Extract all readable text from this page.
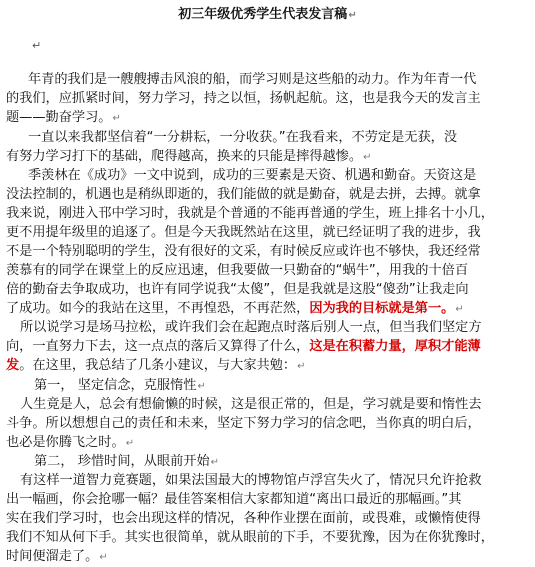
初三年级优秀学生代表发言稿↵
↵
年青的我们是一艘艘搏击风浪的船，而学习则是这些船的动力。作为年青一代
的我们，应抓紧时间，努力学习，持之以恒，扬帆起航。这，也是我今天的发言主
题——勤奋学习。↵
一直以来我都坚信着“一分耕耘，一分收获。”在我看来，不劳定是无获，没
有努力学习打下的基础，爬得越高，换来的只能是摔得越惨。↵
季羡林在《成功》一文中说到，成功的三要素是天资、机遇和勤奋。天资这是
没法控制的，机遇也是稍纵即逝的，我们能做的就是勤奋，就是去拼，去搏。就拿
我来说，刚进入邗中学习时，我就是个普通的不能再普通的学生，班上排名十小几，
更不用提年级里的追逐了。但是今天我既然站在这里，就已经证明了我的进步，我
不是一个特别聪明的学生，没有很好的文采，有时候反应或许也不够快，我还经常
羡慕有的同学在课堂上的反应迅速，但我要做一只勤奋的“蜗牛”，用我的十倍百
倍的勤奋去争取成功，也许有同学说我“太傻”，但是我就是这股“傻劲”让我走向
了成功。如今的我站在这里，不再惶恐，不再茫然，因为我的目标就是第一。↵
所以说学习是场马拉松，或许我们会在起跑点时落后别人一点，但当我们坚定方
向，一直努力下去，这一点点的落后又算得了什么，这是在积蓄力量，厚积才能薄
发。在这里，我总结了几条小建议，与大家共勉：↵
第一， 坚定信念，克服惰性↵
人生竟是人，总会有想偷懒的时候，这是很正常的，但是，学习就是要和惰性去
斗争。所以想想自己的责任和未来，坚定下努力学习的信念吧，当你真的明白后，
也必是你腾飞之时。↵
第二， 珍惜时间，从眼前开始↵
有这样一道智力竟赛题，如果法国最大的博物馆卢浮宫失火了，情况只允许抢救
出一幅画，你会抢哪一幅？最佳答案相信大家都知道“离出口最近的那幅画。”其
实在我们学习时，也会出现这样的情况，各种作业摆在面前，或畏难，或懒惰使得
我们不知从何下手。其实也很简单，就从眼前的下手，不要犹豫，因为在你犹豫时，
时间便溜走了。↵
